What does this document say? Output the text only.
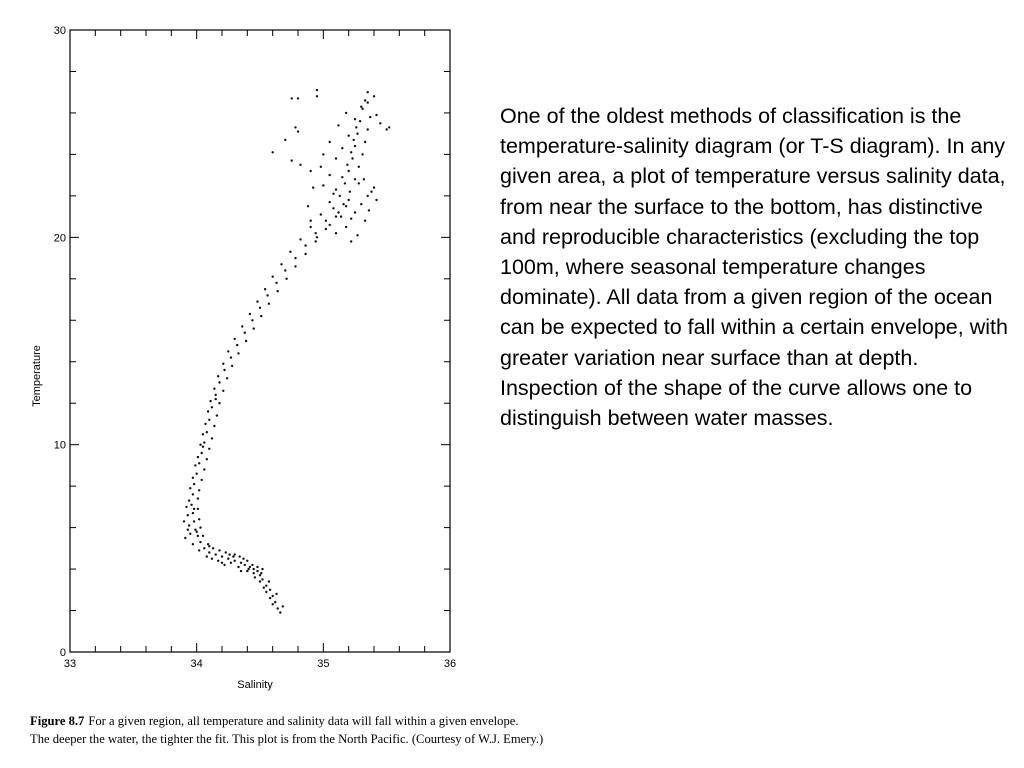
33	34	35	36
0
10
20
30
Salinity
Temperature

One of the oldest methods of classification is the temperature-salinity diagram (or T-S diagram). In any given area, a plot of temperature versus salinity data, from near the surface to the bottom, has distinctive and reproducible characteristics (excluding the top 100m, where seasonal temperature changes dominate). All data from a given region of the ocean can be expected to fall within a certain envelope, with greater variation near surface than at depth. Inspection of the shape of the curve allows one to distinguish between water masses.

Figure 8.7 For a given region, all temperature and salinity data will fall within a given envelope.
The deeper the water, the tighter the fit. This plot is from the North Pacific. (Courtesy of W.J. Emery.)
